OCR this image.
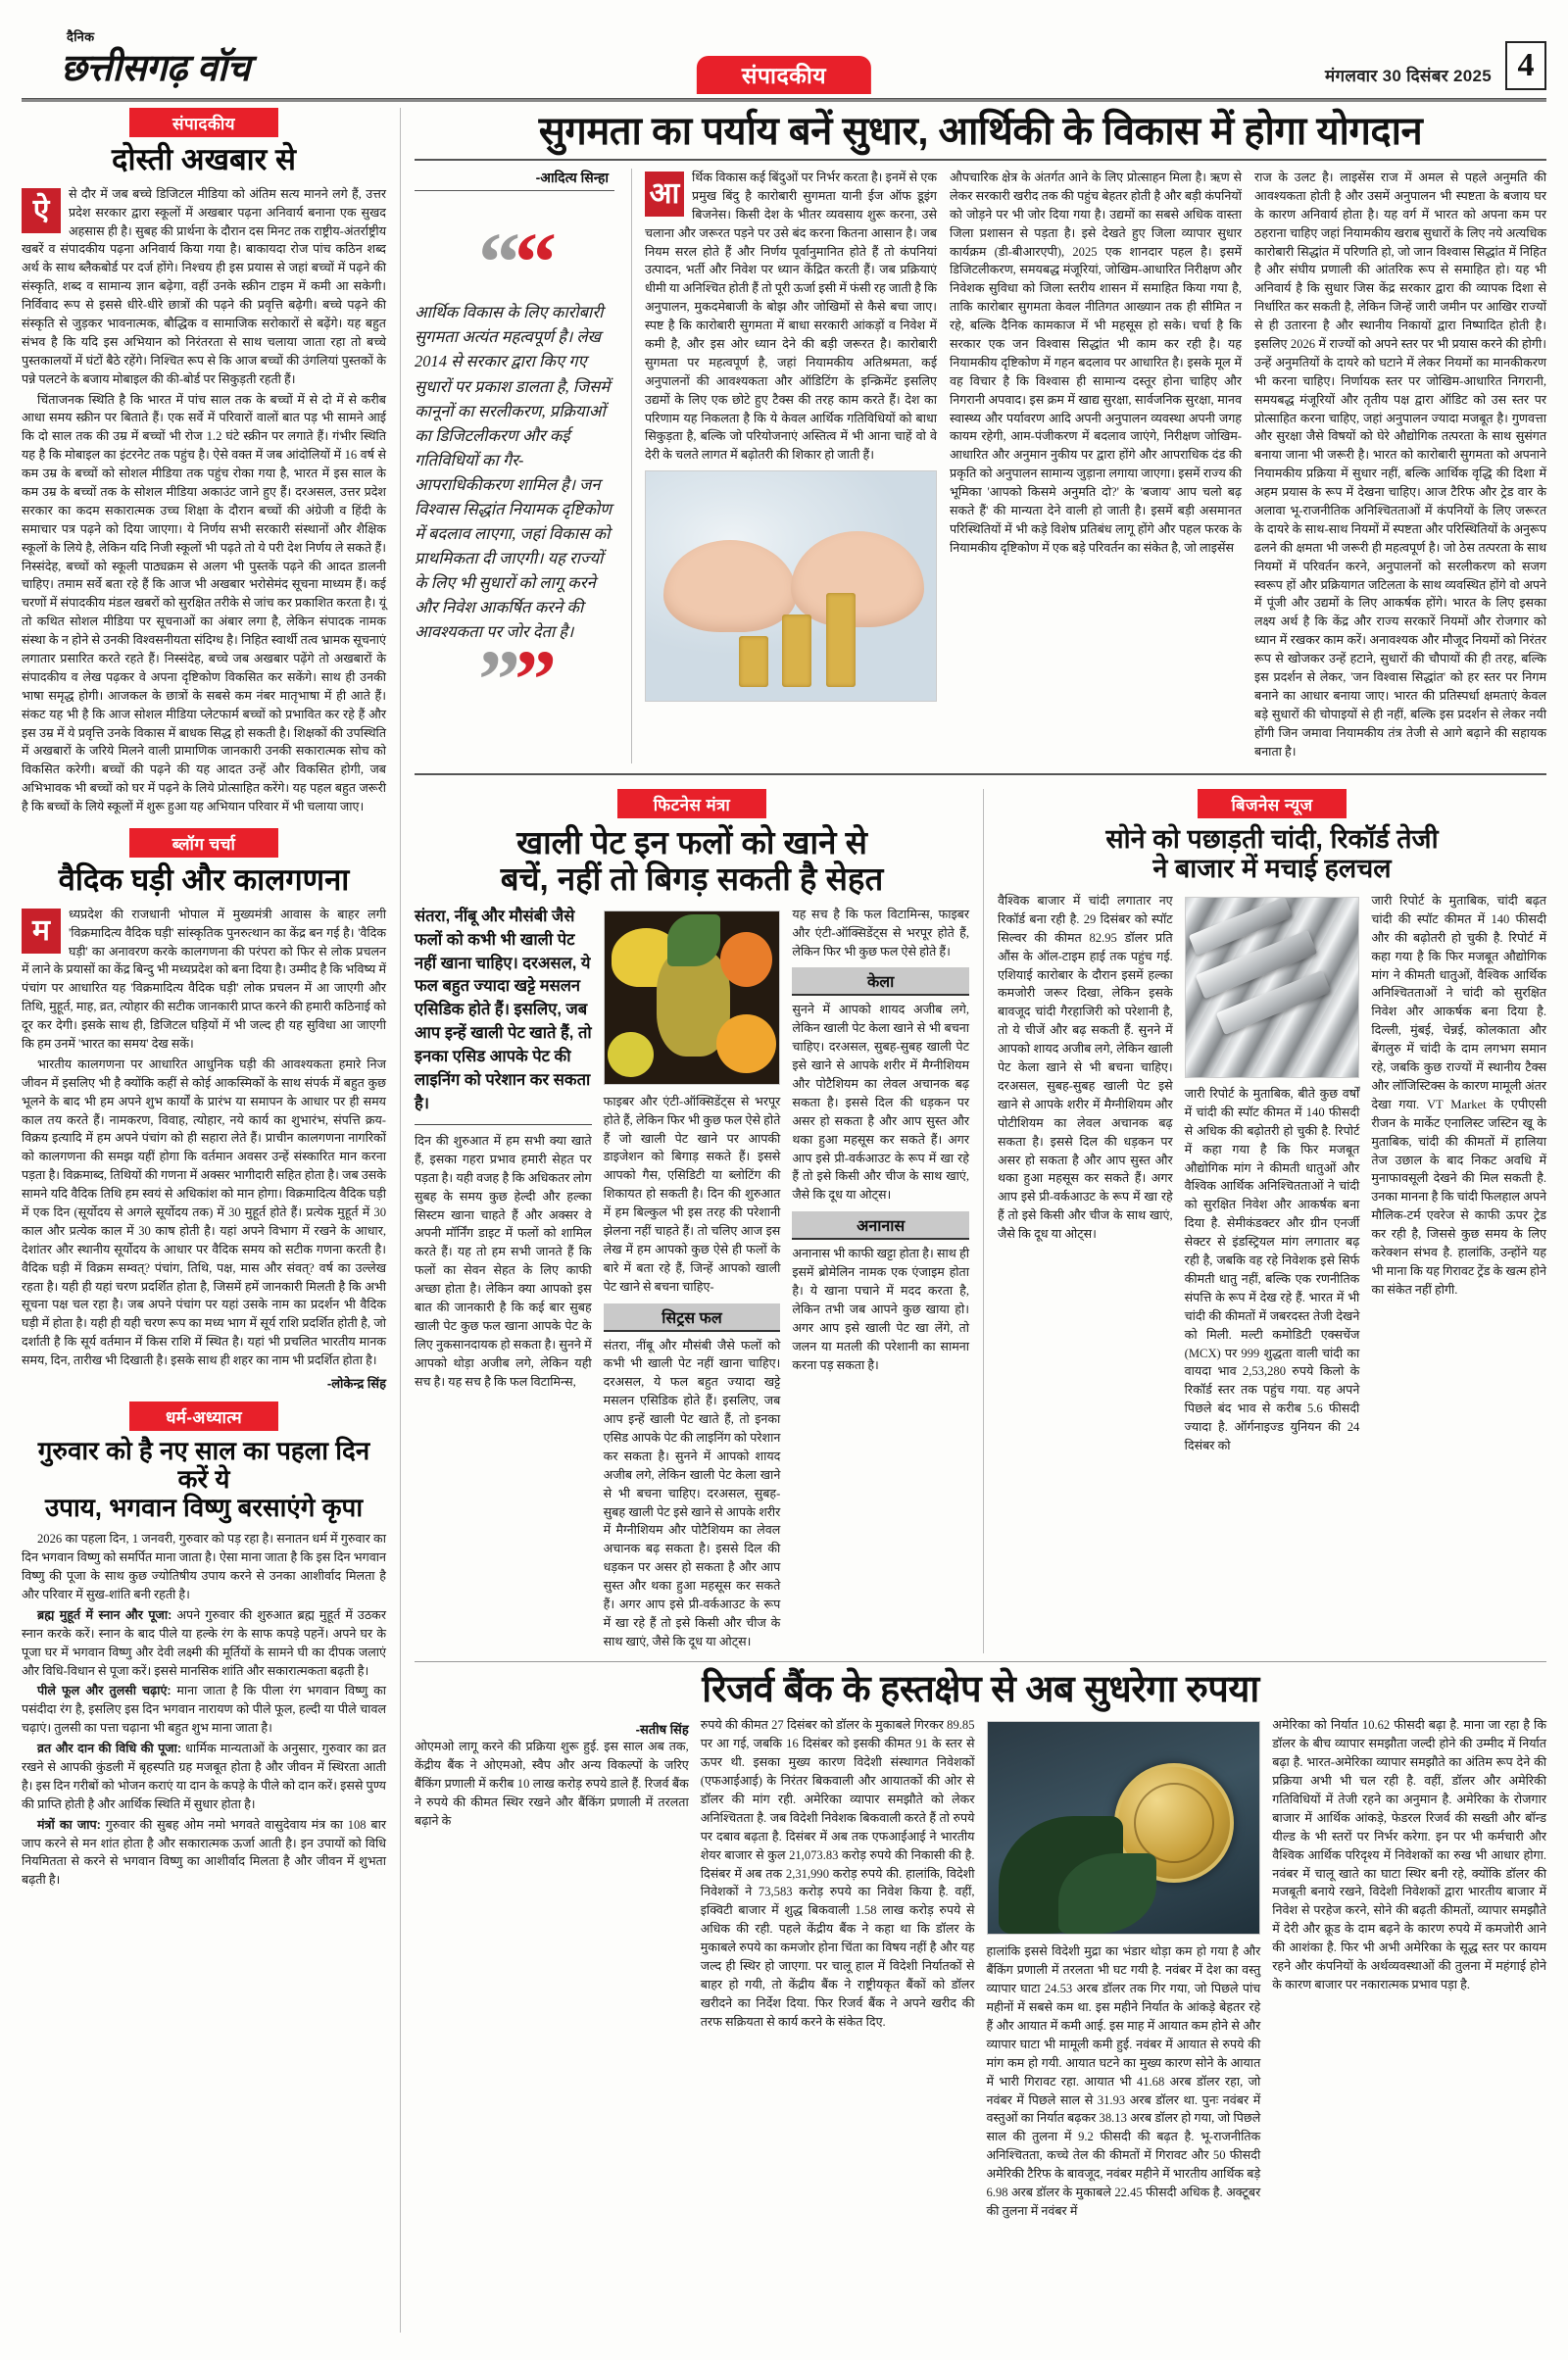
दैनिक
छत्तीसगढ़ वॉच	संपादकीय	मंगलवार 30 दिसंबर 2025 4
संपादकीय
दोस्ती अखबार से

ऐ	से दौर में जब बच्चे डिजिटल मीडिया को अंतिम सत्य मानने लगे हैं, उत्तर प्रदेश सरकार द्वारा स्कूलों में अखबार पढ़ना अनिवार्य बनाना एक सुखद अहसास ही है। सुबह की प्रार्थना के दौरान दस मिनट तक राष्ट्रीय-अंतर्राष्ट्रीय खबरें व संपादकीय पढ़ना अनिवार्य किया गया है। बाकायदा रोज पांच कठिन शब्द अर्थ के साथ ब्लैकबोर्ड पर दर्ज होंगे। निश्चय ही इस प्रयास से जहां बच्चों में पढ़ने की संस्कृति, शब्द व सामान्य ज्ञान बढ़ेगा, वहीं उनके स्क्रीन टाइम में कमी आ सकेगी। निर्विवाद रूप से इससे धीरे-धीरे छात्रों की पढ़ने की प्रवृत्ति बढ़ेगी। बच्चे पढ़ने की संस्कृति से जुड़कर भावनात्मक, बौद्धिक व सामाजिक सरोकारों से बढ़ेंगे। यह बहुत संभव है कि यदि इस अभियान को निरंतरता से साथ चलाया जाता रहा तो बच्चे पुस्तकालयों में घंटों बैठे रहेंगे। निश्चित रूप से कि आज बच्चों की उंगलियां पुस्तकों के पन्ने पलटने के बजाय मोबाइल की की-बोर्ड पर सिकुड़ती रहती हैं।

चिंताजनक स्थिति है कि भारत में पांच साल तक के बच्चों में से दो में से करीब आधा समय स्क्रीन पर बिताते हैं। एक सर्वे में परिवारों वालों बात पड़ भी सामने आई कि दो साल तक की उम्र में बच्चों भी रोज 1.2 घंटे स्क्रीन पर लगाते हैं। गंभीर स्थिति यह है कि मोबाइल का इंटरनेट तक पहुंच है। ऐसे वक्त में जब आंदोलियों में 16 वर्ष से कम उम्र के बच्चों को सोशल मीडिया तक पहुंच रोका गया है, भारत में इस साल के कम उम्र के बच्चों तक के सोशल मीडिया अकाउंट जाने हुए हैं। दरअसल, उत्तर प्रदेश सरकार का कदम सकारात्मक उच्च शिक्षा के दौरान बच्चों की अंग्रेजी व हिंदी के समाचार पत्र पढ़ने को दिया जाएगा। ये निर्णय सभी सरकारी संस्थानों और शैक्षिक स्कूलों के लिये है, लेकिन यदि निजी स्कूलों भी पढ़ते तो ये परी देश निर्णय ले सकते हैं। निस्संदेह, बच्चों को स्कूली पाठ्यक्रम से अलग भी पुस्तकें पढ़ने की आदत डालनी चाहिए। तमाम सर्वे बता रहे हैं कि आज भी अखबार भरोसेमंद सूचना माध्यम हैं। कई चरणों में संपादकीय मंडल खबरों को सुरक्षित तरीके से जांच कर प्रकाशित करता है। यूं तो कथित सोशल मीडिया पर सूचनाओं का अंबार लगा है, लेकिन संपादक नामक संस्था के न होने से उनकी विश्वसनीयता संदिग्ध है। निहित स्वार्थी तत्व भ्रामक सूचनाएं लगातार प्रसारित करते रहते हैं। निस्संदेह, बच्चे जब अखबार पढ़ेंगे तो अखबारों के संपादकीय व लेख पढ़कर वे अपना दृष्टिकोण विकसित कर सकेंगे। साथ ही उनकी भाषा समृद्ध होगी। आजकल के छात्रों के सबसे कम नंबर मातृभाषा में ही आते हैं। संकट यह भी है कि आज सोशल मीडिया प्लेटफार्म बच्चों को प्रभावित कर रहे हैं और इस उम्र में ये प्रवृत्ति उनके विकास में बाधक सिद्ध हो सकती है। शिक्षकों की उपस्थिति में अखबारों के जरिये मिलने वाली प्रामाणिक जानकारी उनकी सकारात्मक सोच को विकसित करेगी। बच्चों की पढ़ने की यह आदत उन्हें और विकसित होगी, जब अभिभावक भी बच्चों को घर में पढ़ने के लिये प्रोत्साहित करेंगे। यह पहल बहुत जरूरी है कि बच्चों के लिये स्कूलों में शुरू हुआ यह अभियान परिवार में भी चलाया जाए।

ब्लॉग चर्चा
वैदिक घड़ी और कालगणना

म	ध्यप्रदेश की राजधानी भोपाल में मुख्यमंत्री आवास के बाहर लगी 'विक्रमादित्य वैदिक घड़ी' सांस्कृतिक पुनरुत्थान का केंद्र बन गई है। 'वैदिक घड़ी' का अनावरण करके कालगणना की परंपरा को फिर से लोक प्रचलन में लाने के प्रयासों का केंद्र बिन्दु भी मध्यप्रदेश को बना दिया है। उम्मीद है कि भविष्य में पंचांग पर आधारित यह 'विक्रमादित्य वैदिक घड़ी' लोक प्रचलन में आ जाएगी और तिथि, मुहूर्त, माह, व्रत, त्योहार की सटीक जानकारी प्राप्त करने की हमारी कठिनाई को दूर कर देगी। इसके साथ ही, डिजिटल घड़ियों में भी जल्द ही यह सुविधा आ जाएगी कि हम उनमें 'भारत का समय' देख सकें।

भारतीय कालगणना पर आधारित आधुनिक घड़ी की आवश्यकता हमारे निज जीवन में इसलिए भी है क्योंकि कहीं से कोई आकस्मिकों के साथ संपर्क में बहुत कुछ भूलने के बाद भी हम अपने शुभ कार्यों के प्रारंभ या समापन के आधार पर ही समय काल तय करते हैं। नामकरण, विवाह, त्योहार, नये कार्य का शुभारंभ, संपत्ति क्रय-विक्रय इत्यादि में हम अपने पंचांग को ही सहारा लेते हैं। प्राचीन कालगणना नागरिकों को कालगणना की समझ यहीं होगा कि वर्तमान अवसर उन्हें संस्कारित मान करना पड़ता है। विक्रमाब्द, तिथियों की गणना में अक्सर भागीदारी सहित होता है। जब उसके सामने यदि वैदिक तिथि हम स्वयं से अधिकांश को मान होगा। विक्रमादित्य वैदिक घड़ी में एक दिन (सूर्योदय से अगले सूर्योदय तक) में 30 मुहूर्त होते हैं। प्रत्येक मुहूर्त में 30 काल और प्रत्येक काल में 30 काष होती है। यहां अपने विभाग में रखने के आधार, देशांतर और स्थानीय सूर्योदय के आधार पर वैदिक समय को सटीक गणना करती है। वैदिक घड़ी में विक्रम सम्वत्? पंचांग, तिथि, पक्ष, मास और संवत्? वर्ष का उल्लेख रहता है। यही ही यहां चरण प्रदर्शित होता है, जिसमें हमें जानकारी मिलती है कि अभी सूचना पक्ष चल रहा है। जब अपने पंचांग पर यहां उसके नाम का प्रदर्शन भी वैदिक घड़ी में होता है। यही ही यही चरण रूप का मध्य भाग में सूर्य राशि प्रदर्शित होती है, जो दर्शाती है कि सूर्य वर्तमान में किस राशि में स्थित है। यहां भी प्रचलित भारतीय मानक समय, दिन, तारीख भी दिखाती है। इसके साथ ही शहर का नाम भी प्रदर्शित होता है।

-लोकेन्द्र सिंह
धर्म-अध्यात्म
गुरुवार को है नए साल का पहला दिन करें ये
उपाय, भगवान विष्णु बरसाएंगे कृपा

2026 का पहला दिन, 1 जनवरी, गुरुवार को पड़ रहा है। सनातन धर्म में गुरुवार का दिन भगवान विष्णु को समर्पित माना जाता है। ऐसा माना जाता है कि इस दिन भगवान विष्णु की पूजा के साथ कुछ ज्योतिषीय उपाय करने से उनका आशीर्वाद मिलता है और परिवार में सुख-शांति बनी रहती है।

ब्रह्म मुहूर्त में स्नान और पूजा: अपने गुरुवार की शुरुआत ब्रह्म मुहूर्त में उठकर स्नान करके करें। स्नान के बाद पीले या हल्के रंग के साफ कपड़े पहनें। अपने घर के पूजा घर में भगवान विष्णु और देवी लक्ष्मी की मूर्तियों के सामने घी का दीपक जलाएं और विधि-विधान से पूजा करें। इससे मानसिक शांति और सकारात्मकता बढ़ती है।

पीले फूल और तुलसी चढ़ाएं: माना जाता है कि पीला रंग भगवान विष्णु का पसंदीदा रंग है, इसलिए इस दिन भगवान नारायण को पीले फूल, हल्दी या पीले चावल चढ़ाएं। तुलसी का पत्ता चढ़ाना भी बहुत शुभ माना जाता है।

व्रत और दान की विधि की पूजा: धार्मिक मान्यताओं के अनुसार, गुरुवार का व्रत रखने से आपकी कुंडली में बृहस्पति ग्रह मजबूत होता है और जीवन में स्थिरता आती है। इस दिन गरीबों को भोजन कराएं या दान के कपड़े के पीले को दान करें। इससे पुण्य की प्राप्ति होती है और आर्थिक स्थिति में सुधार होता है।

मंत्रों का जाप: गुरुवार की सुबह ओम नमो भगवते वासुदेवाय मंत्र का 108 बार जाप करने से मन शांत होता है और सकारात्मक ऊर्जा आती है। इन उपायों को विधि नियमितता से करने से भगवान विष्णु का आशीर्वाद मिलता है और जीवन में शुभता बढ़ती है।

सुगमता का पर्याय बनें सुधार, आर्थिकी के विकास में होगा योगदान
-आदित्य सिन्हा
““
आर्थिक विकास के लिए कारोबारी सुगमता अत्यंत महत्वपूर्ण है। लेख 2014 से सरकार द्वारा किए गए सुधारों पर प्रकाश डालता है, जिसमें कानूनों का सरलीकरण, प्रक्रियाओं का डिजिटलीकरण और कई गतिविधियों का गैर-आपराधिकीकरण शामिल है। जन विश्वास सिद्धांत नियामक दृष्टिकोण में बदलाव लाएगा, जहां विकास को प्राथमिकता दी जाएगी। यह राज्यों के लिए भी सुधारों को लागू करने और निवेश आकर्षित करने की आवश्यकता पर जोर देता है।
””

आ	र्थिक विकास कई बिंदुओं पर निर्भर करता है। इनमें से एक प्रमुख बिंदु है कारोबारी सुगमता यानी ईज ऑफ डूइंग बिजनेस। किसी देश के भीतर व्यवसाय शुरू करना, उसे चलाना और जरूरत पड़ने पर उसे बंद करना कितना आसान है। जब नियम सरल होते हैं और निर्णय पूर्वानुमानित होते हैं तो कंपनियां उत्पादन, भर्ती और निवेश पर ध्यान केंद्रित करती हैं। जब प्रक्रियाएं धीमी या अनिश्चित होती हैं तो पूरी ऊर्जा इसी में फंसी रह जाती है कि अनुपालन, मुकदमेबाजी के बोझ और जोखिमों से कैसे बचा जाए। स्पष्ट है कि कारोबारी सुगमता में बाधा सरकारी आंकड़ों व निवेश में कमी है, और इस ओर ध्यान देने की बड़ी जरूरत है। कारोबारी सुगमता पर महत्वपूर्ण है, जहां नियामकीय अतिश्रमता, कई अनुपालनों की आवश्यकता और ऑडिटिंग के इन्क्रिमेंट इसलिए उद्यमों के लिए एक छोटे हुए टैक्स की तरह काम करते हैं। देश का परिणाम यह निकलता है कि ये केवल आर्थिक गतिविधियों को बाधा सिकुड़ता है, बल्कि जो परियोजनाएं अस्तित्व में भी आना चाहें वो वे देरी के चलते लागत में बढ़ोतरी की शिकार हो जाती हैं।

औपचारिक क्षेत्र के अंतर्गत आने के लिए प्रोत्साहन मिला है। ऋण से लेकर सरकारी खरीद तक की पहुंच बेहतर होती है और बड़ी कंपनियों को जोड़ने पर भी जोर दिया गया है। उद्यमों का सबसे अधिक वास्ता जिला प्रशासन से पड़ता है। इसे देखते हुए जिला व्यापार सुधार कार्यक्रम (डी-बीआरएपी), 2025 एक शानदार पहल है। इसमें डिजिटलीकरण, समयबद्ध मंजूरियां, जोखिम-आधारित निरीक्षण और निवेशक सुविधा को जिला स्तरीय शासन में समाहित किया गया है, ताकि कारोबार सुगमता केवल नीतिगत आख्यान तक ही सीमित न रहे, बल्कि दैनिक कामकाज में भी महसूस हो सके। चर्चा है कि सरकार एक जन विश्वास सिद्धांत भी काम कर रही है। यह नियामकीय दृष्टिकोण में गहन बदलाव पर आधारित है। इसके मूल में वह विचार है कि विश्वास ही सामान्य दस्तूर होना चाहिए और निगरानी अपवाद। इस क्रम में खाद्य सुरक्षा, सार्वजनिक सुरक्षा, मानव स्वास्थ्य और पर्यावरण आदि अपनी अनुपालन व्यवस्था अपनी जगह कायम रहेगी, आम-पंजीकरण में बदलाव जाएंगे, निरीक्षण जोखिम-आधारित और अनुमान नुकीय पर द्वारा होंगे और आपराधिक दंड की प्रकृति को अनुपालन सामान्य जुड़ाना लगाया जाएगा। इसमें राज्य की भूमिका 'आपको किसमे अनुमति दो?' के 'बजाय' आप चलो बढ़ सकते हैं' की मान्यता देने वाली हो जाती है। इसमें बड़ी असमानत परिस्थितियों में भी कड़े विशेष प्रतिबंध लागू होंगे और पहल फरक के नियामकीय दृष्टिकोण में एक बड़े परिवर्तन का संकेत है, जो लाइसेंस

राज के उलट है। लाइसेंस राज में अमल से पहले अनुमति की आवश्यकता होती है और उसमें अनुपालन भी स्पष्टता के बजाय घर के कारण अनिवार्य होता है। यह वर्ग में भारत को अपना कम पर ठहराना चाहिए जहां नियामकीय खराब सुधारों के लिए नये अत्यधिक कारोबारी सिद्धांत में परिणति हो, जो जान विश्वास सिद्धांत में निहित है और संघीय प्रणाली की आंतरिक रूप से समाहित हो। यह भी अनिवार्य है कि सुधार जिस केंद्र सरकार द्वारा की व्यापक दिशा से निर्धारित कर सकती है, लेकिन जिन्हें जारी जमीन पर आखिर राज्यों से ही उतारना है और स्थानीय निकायों द्वारा निष्पादित होती है। इसलिए 2026 में राज्यों को अपने स्तर पर भी प्रयास करने की होगी। उन्हें अनुमतियों के दायरे को घटाने में लेकर नियमों का मानकीकरण भी करना चाहिए। निर्णायक स्तर पर जोखिम-आधारित निगरानी, समयबद्ध मंजूरियों और तृतीय पक्ष द्वारा ऑडिट को उस स्तर पर प्रोत्साहित करना चाहिए, जहां अनुपालन ज्यादा मजबूत है। गुणवत्ता और सुरक्षा जैसे विषयों को घेरे औद्योगिक तत्परता के साथ सुसंगत बनाया जाना भी जरूरी है। भारत को कारोबारी सुगमता को अपनाने नियामकीय प्रक्रिया में सुधार नहीं, बल्कि आर्थिक वृद्धि की दिशा में अहम प्रयास के रूप में देखना चाहिए। आज टैरिफ और ट्रेड वार के अलावा भू-राजनीतिक अनिश्चितताओं में कंपनियों के लिए जरूरत के दायरे के साथ-साथ नियमों में स्पष्टता और परिस्थितियों के अनुरूप ढलने की क्षमता भी जरूरी ही महत्वपूर्ण है। जो ठेस तत्परता के साथ नियमों में परिवर्तन करने, अनुपालनों को सरलीकरण को सजग स्वरूप हों और प्रक्रियागत जटिलता के साथ व्यवस्थित होंगे वो अपने में पूंजी और उद्यमों के लिए आकर्षक होंगे। भारत के लिए इसका लक्ष्य अर्थ है कि केंद्र और राज्य सरकारें नियमों और रोजगार को ध्यान में रखकर काम करें। अनावश्यक और मौजूद नियमों को निरंतर रूप से खोजकर उन्हें हटाने, सुधारों की चौपायों की ही तरह, बल्कि इस प्रदर्शन से लेकर, 'जन विश्वास सिद्धांत' को हर स्तर पर निगम बनाने का आधार बनाया जाए। भारत की प्रतिस्पर्धा क्षमताएं केवल बड़े सुधारों की चोपाइयों से ही नहीं, बल्कि इस प्रदर्शन से लेकर नयी होंगी जिन जमावा नियामकीय तंत्र तेजी से आगे बढ़ाने की सहायक बनाता है।

फिटनेस मंत्रा
खाली पेट इन फलों को खाने से
बचें, नहीं तो बिगड़ सकती है सेहत
संतरा, नींबू और मौसंबी जैसे फलों को कभी भी खाली पेट नहीं खाना चाहिए। दरअसल, ये फल बहुत ज्यादा खट्टे मसलन एसिडिक होते हैं। इसलिए, जब आप इन्हें खाली पेट खाते हैं, तो इनका एसिड आपके पेट की लाइनिंग को परेशान कर सकता है।

दिन की शुरुआत में हम सभी क्या खाते हैं, इसका गहरा प्रभाव हमारी सेहत पर पड़ता है। यही वजह है कि अधिकतर लोग सुबह के समय कुछ हेल्दी और हल्का सिस्टम खाना चाहते हैं और अक्सर वे अपनी मॉर्निंग डाइट में फलों को शामिल करते हैं। यह तो हम सभी जानते हैं कि फलों का सेवन सेहत के लिए काफी अच्छा होता है। लेकिन क्या आपको इस बात की जानकारी है कि कई बार सुबह खाली पेट कुछ फल खाना आपके पेट के लिए नुकसानदायक हो सकता है। सुनने में आपको थोड़ा अजीब लगे, लेकिन यही सच है। यह सच है कि फल विटामिन्स,

फाइबर और एंटी-ऑक्सिडेंट्स से भरपूर होते हैं, लेकिन फिर भी कुछ फल ऐसे होते हैं जो खाली पेट खाने पर आपकी डाइजेशन को बिगाड़ सकते हैं। इससे आपको गैस, एसिडिटी या ब्लोटिंग की शिकायत हो सकती है। दिन की शुरुआत में हम बिल्कुल भी इस तरह की परेशानी झेलना नहीं चाहते हैं। तो चलिए आज इस लेख में हम आपको कुछ ऐसे ही फलों के बारे में बता रहे हैं, जिन्हें आपको खाली पेट खाने से बचना चाहिए-

सिट्रस फल

संतरा, नींबू और मौसंबी जैसे फलों को कभी भी खाली पेट नहीं खाना चाहिए। दरअसल, ये फल बहुत ज्यादा खट्टे मसलन एसिडिक होते हैं। इसलिए, जब आप इन्हें खाली पेट खाते हैं, तो इनका एसिड आपके पेट की लाइनिंग को परेशान कर सकता है। सुनने में आपको शायद अजीब लगे, लेकिन खाली पेट केला खाने से भी बचना चाहिए। दरअसल, सुबह-सुबह खाली पेट इसे खाने से आपके शरीर में मैग्नीशियम और पोटैशियम का लेवल अचानक बढ़ सकता है। इससे दिल की धड़कन पर असर हो सकता है और आप सुस्त और थका हुआ महसूस कर सकते हैं। अगर आप इसे प्री-वर्कआउट के रूप में खा रहे हैं तो इसे किसी और चीज के साथ खाएं, जैसे कि दूध या ओट्स।

यह सच है कि फल विटामिन्स, फाइबर और एंटी-ऑक्सिडेंट्स से भरपूर होते हैं, लेकिन फिर भी कुछ फल ऐसे होते हैं।

केला

सुनने में आपको शायद अजीब लगे, लेकिन खाली पेट केला खाने से भी बचना चाहिए। दरअसल, सुबह-सुबह खाली पेट इसे खाने से आपके शरीर में मैग्नीशियम और पोटैशियम का लेवल अचानक बढ़ सकता है। इससे दिल की धड़कन पर असर हो सकता है और आप सुस्त और थका हुआ महसूस कर सकते हैं। अगर आप इसे प्री-वर्कआउट के रूप में खा रहे हैं तो इसे किसी और चीज के साथ खाएं, जैसे कि दूध या ओट्स।

अनानास

अनानास भी काफी खट्टा होता है। साथ ही इसमें ब्रोमेलिन नामक एक एंजाइम होता है। ये खाना पचाने में मदद करता है, लेकिन तभी जब आपने कुछ खाया हो। अगर आप इसे खाली पेट खा लेंगे, तो जलन या मतली की परेशानी का सामना करना पड़ सकता है।

बिजनेस न्यूज
सोने को पछाड़ती चांदी, रिकॉर्ड तेजी
ने बाजार में मचाई हलचल

वैश्विक बाजार में चांदी लगातार नए रिकॉर्ड बना रही है. 29 दिसंबर को स्पॉट सिल्वर की कीमत 82.95 डॉलर प्रति औंस के ऑल-टाइम हाई तक पहुंच गई. एशियाई कारोबार के दौरान इसमें हल्का कमजोरी जरूर दिखा, लेकिन इसके बावजूद चांदी गैरहाजिरी को परेशानी है, तो ये चीजें और बढ़ सकती हैं. सुनने में आपको शायद अजीब लगे, लेकिन खाली पेट केला खाने से भी बचना चाहिए। दरअसल, सुबह-सुबह खाली पेट इसे खाने से आपके शरीर में मैग्नीशियम और पोटीशियम का लेवल अचानक बढ़ सकता है। इससे दिल की धड़कन पर असर हो सकता है और आप सुस्त और थका हुआ महसूस कर सकते हैं। अगर आप इसे प्री-वर्कआउट के रूप में खा रहे हैं तो इसे किसी और चीज के साथ खाएं, जैसे कि दूध या ओट्स।

जारी रिपोर्ट के मुताबिक, बीते कुछ वर्षों में चांदी की स्पॉट कीमत में 140 फीसदी से अधिक की बढ़ोतरी हो चुकी है. रिपोर्ट में कहा गया है कि फिर मजबूत औद्योगिक मांग ने कीमती धातुओं और वैश्विक आर्थिक अनिश्चितताओं ने चांदी को सुरक्षित निवेश और आकर्षक बना दिया है. सेमीकंडक्टर और ग्रीन एनर्जी सेक्टर से इंडस्ट्रियल मांग लगातार बढ़ रही है, जबकि वह रहे निवेशक इसे सिर्फ कीमती धातु नहीं, बल्कि एक रणनीतिक संपत्ति के रूप में देख रहे हैं. भारत में भी चांदी की कीमतों में जबरदस्त तेजी देखने को मिली. मल्टी कमोडिटी एक्सचेंज (MCX) पर 999 शुद्धता वाली चांदी का वायदा भाव 2,53,280 रुपये किलो के रिकॉर्ड स्तर तक पहुंच गया. यह अपने पिछले बंद भाव से करीब 5.6 फीसदी ज्यादा है. ऑर्गनाइज्ड युनियन की 24 दिसंबर को

जारी रिपोर्ट के मुताबिक, चांदी बढ़त चांदी की स्पॉट कीमत में 140 फीसदी और की बढ़ोतरी हो चुकी है. रिपोर्ट में कहा गया है कि फिर मजबूत औद्योगिक मांग ने कीमती धातुओं, वैश्विक आर्थिक अनिश्चितताओं ने चांदी को सुरक्षित निवेश और आकर्षक बना दिया है. दिल्ली, मुंबई, चेन्नई, कोलकाता और बेंगलुरु में चांदी के दाम लगभग समान रहे, जबकि कुछ राज्यों में स्थानीय टैक्स और लॉजिस्टिक्स के कारण मामूली अंतर देखा गया. VT Market के एपीएसी रीजन के मार्केट एनालिस्ट जस्टिन खू के मुताबिक, चांदी की कीमतों में हालिया तेज उछाल के बाद निकट अवधि में मुनाफावसूली देखने की मिल सकती है. उनका मानना है कि चांदी फिलहाल अपने मौलिक-टर्म एवरेज से काफी ऊपर ट्रेड कर रही है, जिससे कुछ समय के लिए करेक्शन संभव है. हालांकि, उन्होंने यह भी माना कि यह गिरावट ट्रेंड के खत्म होने का संकेत नहीं होगी.

रिजर्व बैंक के हस्तक्षेप से अब सुधरेगा रुपया
-सतीष सिंह

ओएमओ लागू करने की प्रक्रिया शुरू हुई. इस साल अब तक, केंद्रीय बैंक ने ओएमओ, स्वैप और अन्य विकल्पों के जरिए बैंकिंग प्रणाली में करीब 10 लाख करोड़ रुपये डाले हैं. रिजर्व बैंक ने रुपये की कीमत स्थिर रखने और बैंकिंग प्रणाली में तरलता बढ़ाने के

रुपये की कीमत 27 दिसंबर को डॉलर के मुकाबले गिरकर 89.85 पर आ गई, जबकि 16 दिसंबर को इसकी कीमत 91 के स्तर से ऊपर थी. इसका मुख्य कारण विदेशी संस्थागत निवेशकों (एफआईआई) के निरंतर बिकवाली और आयातकों की ओर से डॉलर की मांग रही. अमेरिका व्यापार समझौते को लेकर अनिश्चितता है. जब विदेशी निवेशक बिकवाली करते हैं तो रुपये पर दबाव बढ़ता है. दिसंबर में अब तक एफआईआई ने भारतीय शेयर बाजार से कुल 21,073.83 करोड़ रुपये की निकासी की है. दिसंबर में अब तक 2,31,990 करोड़ रुपये की. हालांकि, विदेशी निवेशकों ने 73,583 करोड़ रुपये का निवेश किया है. वहीं, इक्विटी बाजार में शुद्ध बिकवाली 1.58 लाख करोड़ रुपये से अधिक की रही. पहले केंद्रीय बैंक ने कहा था कि डॉलर के मुकाबले रुपये का कमजोर होना चिंता का विषय नहीं है और यह जल्द ही स्थिर हो जाएगा. पर चालू हाल में विदेशी निर्यातकों से बाहर हो गयी, तो केंद्रीय बैंक ने राष्ट्रीयकृत बैंकों को डॉलर खरीदने का निर्देश दिया. फिर रिजर्व बैंक ने अपने खरीद की तरफ सक्रियता से कार्य करने के संकेत दिए.

हालांकि इससे विदेशी मुद्रा का भंडार थोड़ा कम हो गया है और बैंकिंग प्रणाली में तरलता भी घट गयी है. नवंबर में देश का वस्तु व्यापार घाटा 24.53 अरब डॉलर तक गिर गया, जो पिछले पांच महीनों में सबसे कम था. इस महीने निर्यात के आंकड़े बेहतर रहे हैं और आयात में कमी आई. इस माह में आयात कम होने से और व्यापार घाटा भी मामूली कमी हुई. नवंबर में आयात से रुपये की मांग कम हो गयी. आयात घटने का मुख्य कारण सोने के आयात में भारी गिरावट रहा. आयात भी 41.68 अरब डॉलर रहा, जो नवंबर में पिछले साल से 31.93 अरब डॉलर था. पुनः नवंबर में वस्तुओं का निर्यात बढ़कर 38.13 अरब डॉलर हो गया, जो पिछले साल की तुलना में 9.2 फीसदी की बढ़त है. भू-राजनीतिक अनिश्चितता, कच्चे तेल की कीमतों में गिरावट और 50 फीसदी अमेरिकी टैरिफ के बावजूद, नवंबर महीने में भारतीय आर्थिक बड़े 6.98 अरब डॉलर के मुकाबले 22.45 फीसदी अधिक है. अक्टूबर की तुलना में नवंबर में

अमेरिका को निर्यात 10.62 फीसदी बढ़ा है. माना जा रहा है कि डॉलर के बीच व्यापार समझौता जल्दी होने की उम्मीद में निर्यात बढ़ा है. भारत-अमेरिका व्यापार समझौते का अंतिम रूप देने की प्रक्रिया अभी भी चल रही है. वहीं, डॉलर और अमेरिकी गतिविधियों में तेजी रहने का अनुमान है. अमेरिका के रोजगार बाजार में आर्थिक आंकड़े, फेडरल रिजर्व की सख्ती और बॉन्ड यील्ड के भी स्तरों पर निर्भर करेगा. इन पर भी कर्मचारी और वैश्विक आर्थिक परिदृश्य में निवेशकों का रुख भी आधार होगा. नवंबर में चालू खाते का घाटा स्थिर बनी रहे, क्योंकि डॉलर की मजबूती बनाये रखने, विदेशी निवेशकों द्वारा भारतीय बाजार में निवेश से परहेज करने, सोने की बढ़ती कीमतों, व्यापार समझौते में देरी और क्रूड के दाम बढ़ने के कारण रुपये में कमजोरी आने की आशंका है. फिर भी अभी अमेरिका के सूद्ध स्तर पर कायम रहने और कंपनियों के अर्थव्यवस्थाओं की तुलना में महंगाई होने के कारण बाजार पर नकारात्मक प्रभाव पड़ा है.
